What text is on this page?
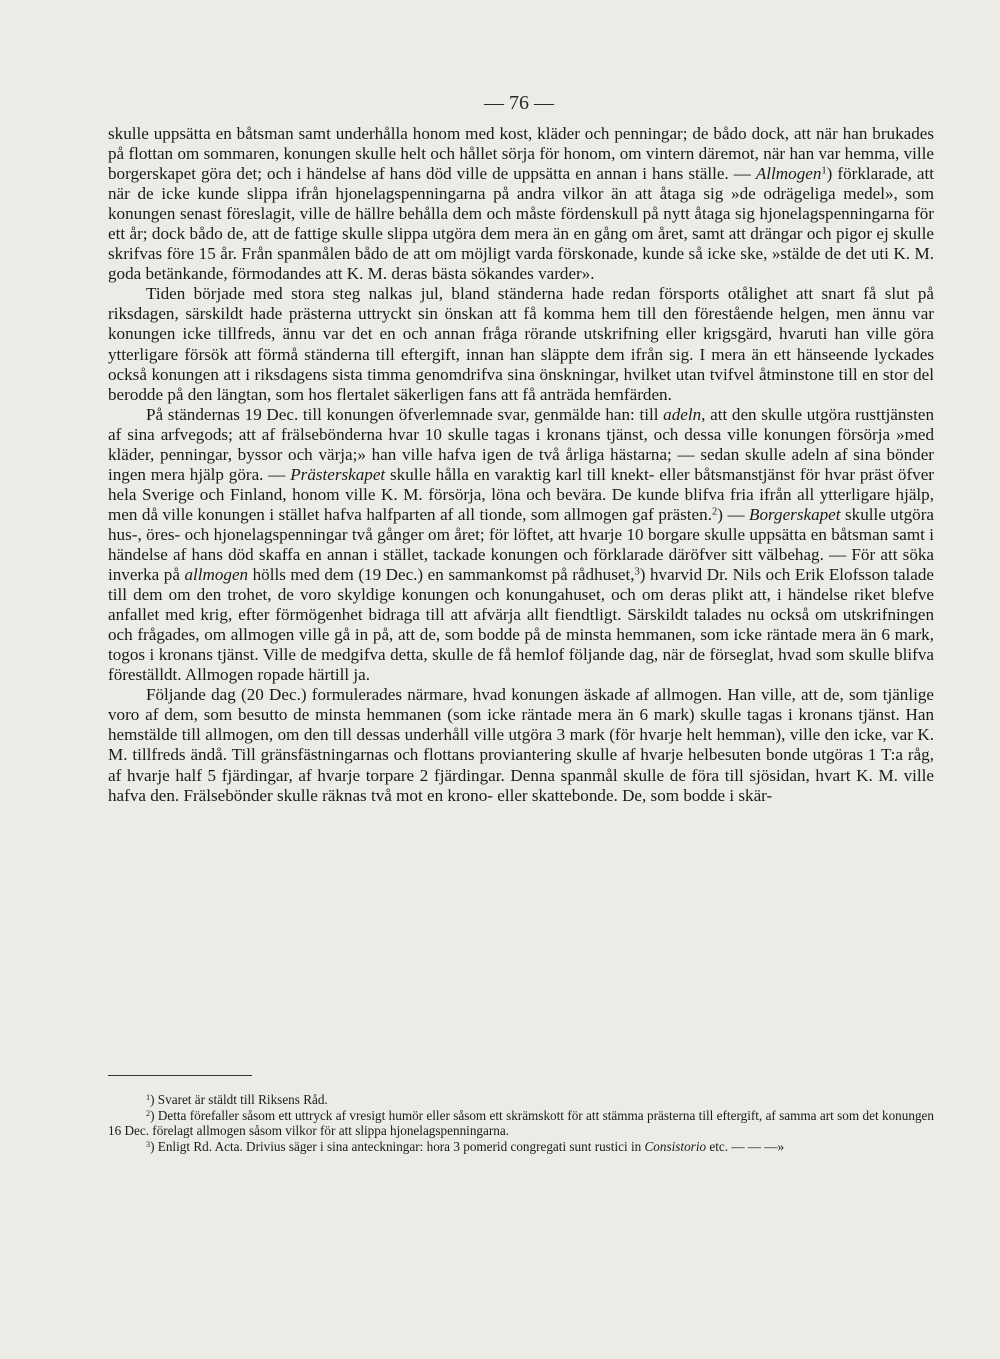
— 76 —

skulle uppsätta en båtsman samt underhålla honom med kost, kläder och penningar; de bådo dock, att när han brukades på flottan om sommaren, konungen skulle helt och hållet sörja för honom, om vintern däremot, när han var hemma, ville borgerskapet göra det; och i händelse af hans död ville de uppsätta en annan i hans ställe. — Allmogen$^1$) förklarade, att när de icke kunde slippa ifrån hjonelagspenningarna på andra vilkor än att åtaga sig »de odrägeliga medel», som konungen senast föreslagit, ville de hällre behålla dem och måste fördenskull på nytt åtaga sig hjonelagspenningarna för ett år; dock bådo de, att de fattige skulle slippa utgöra dem mera än en gång om året, samt att drängar och pigor ej skulle skrifvas före 15 år. Från spanmålen bådo de att om möjligt varda förskonade, kunde så icke ske, »stälde de det uti K. M. goda betänkande, förmodandes att K. M. deras bästa sökandes varder».

Tiden började med stora steg nalkas jul, bland ständerna hade redan försports otålighet att snart få slut på riksdagen, särskildt hade prästerna uttryckt sin önskan att få komma hem till den förestående helgen, men ännu var konungen icke tillfreds, ännu var det en och annan fråga rörande utskrifning eller krigsgärd, hvaruti han ville göra ytterligare försök att förmå ständerna till eftergift, innan han släppte dem ifrån sig. I mera än ett hänseende lyckades också konungen att i riksdagens sista timma genomdrifva sina önskningar, hvilket utan tvifvel åtminstone till en stor del berodde på den längtan, som hos flertalet säkerligen fans att få anträda hemfärden.

På ständernas 19 Dec. till konungen öfverlemnade svar, genmälde han: till adeln, att den skulle utgöra rusttjänsten af sina arfvegods; att af frälsebönderna hvar 10 skulle tagas i kronans tjänst, och dessa ville konungen försörja »med kläder, penningar, byssor och värja;» han ville hafva igen de två årliga hästarna; — sedan skulle adeln af sina bönder ingen mera hjälp göra. — Prästerskapet skulle hålla en varaktig karl till knekt- eller båtsmanstjänst för hvar präst öfver hela Sverige och Finland, honom ville K. M. försörja, löna och bevära. De kunde blifva fria ifrån all ytterligare hjälp, men då ville konungen i stället hafva halfparten af all tionde, som allmogen gaf prästen.$^2$) — Borgerskapet skulle utgöra hus-, öres- och hjonelagspenningar två gånger om året; för löftet, att hvarje 10 borgare skulle uppsätta en båtsman samt i händelse af hans död skaffa en annan i stället, tackade konungen och förklarade däröfver sitt välbehag. — För att söka inverka på allmogen hölls med dem (19 Dec.) en sammankomst på rådhuset,$^3$) hvarvid Dr. Nils och Erik Elofsson talade till dem om den trohet, de voro skyldige konungen och konungahuset, och om deras plikt att, i händelse riket blefve anfallet med krig, efter förmögenhet bidraga till att afvärja allt fiendtligt. Särskildt talades nu också om utskrifningen och frågades, om allmogen ville gå in på, att de, som bodde på de minsta hemmanen, som icke räntade mera än 6 mark, togos i kronans tjänst. Ville de medgifva detta, skulle de få hemlof följande dag, när de förseglat, hvad som skulle blifva föreställdt. Allmogen ropade härtill ja.

Följande dag (20 Dec.) formulerades närmare, hvad konungen äskade af allmogen. Han ville, att de, som tjänlige voro af dem, som besutto de minsta hemmanen (som icke räntade mera än 6 mark) skulle tagas i kronans tjänst. Han hemstälde till allmogen, om den till dessas underhåll ville utgöra 3 mark (för hvarje helt hemman), ville den icke, var K. M. tillfreds ändå. Till gränsfästningarnas och flottans proviantering skulle af hvarje helbesuten bonde utgöras 1 T:a råg, af hvarje half 5 fjärdingar, af hvarje torpare 2 fjärdingar. Denna spanmål skulle de föra till sjösidan, hvart K. M. ville hafva den. Frälsebönder skulle räknas två mot en krono- eller skattebonde. De, som bodde i skär-

$^1$) Svaret är stäldt till Riksens Råd.

$^2$) Detta förefaller såsom ett uttryck af vresigt humör eller såsom ett skrämskott för att stämma prästerna till eftergift, af samma art som det konungen 16 Dec. förelagt allmogen såsom vilkor för att slippa hjonelagspenningarna.

$^3$) Enligt Rd. Acta. Drivius säger i sina anteckningar: hora 3 pomerid congregati sunt rustici in Consistorio etc. — — —»
